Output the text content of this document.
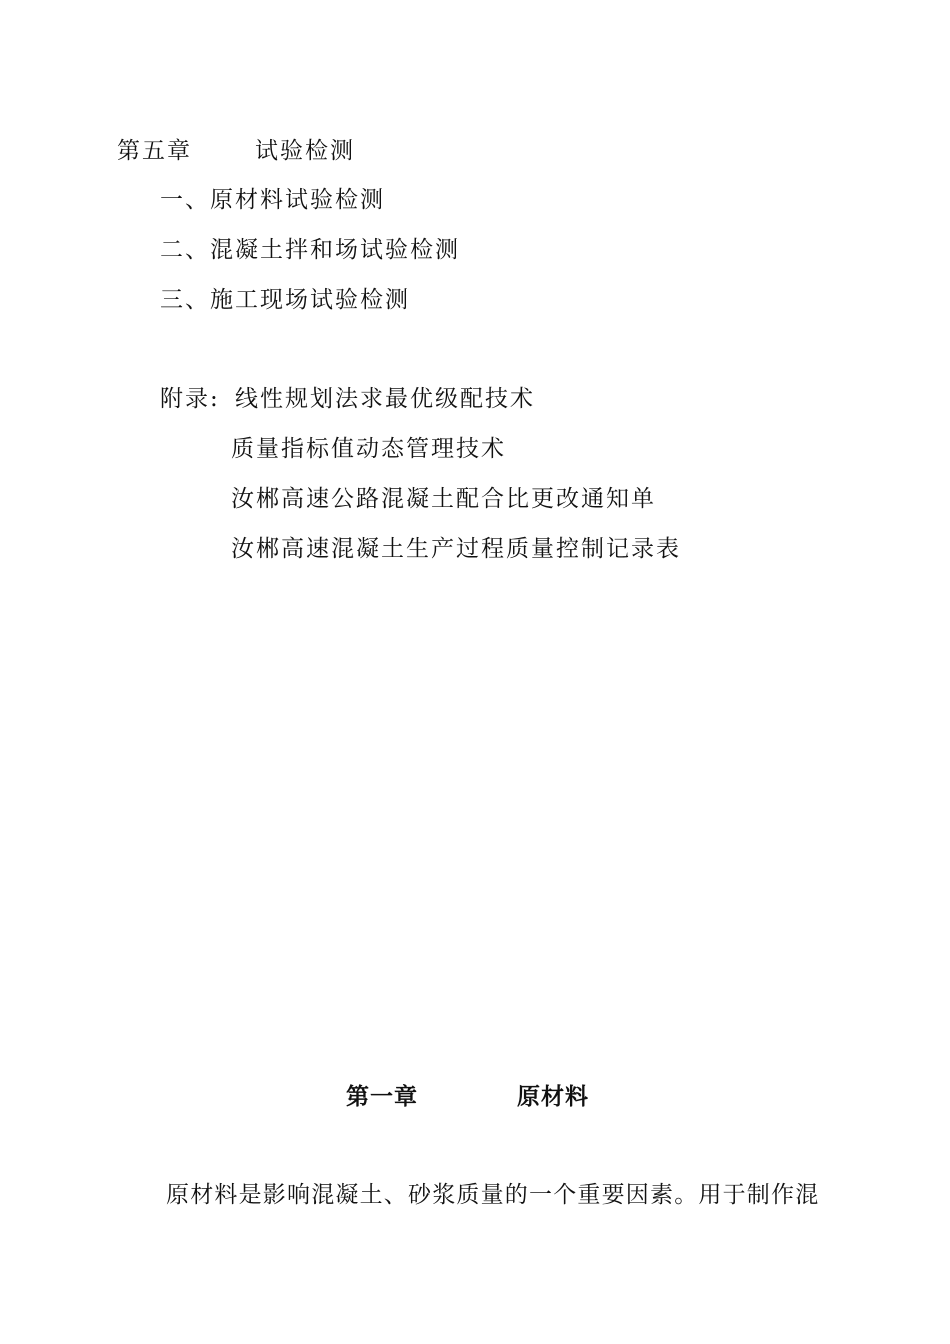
第五章	试验检测
一、原材料试验检测
二、混凝土拌和场试验检测
三、施工现场试验检测
附录: 线性规划法求最优级配技术
质量指标值动态管理技术
汝郴高速公路混凝土配合比更改通知单
汝郴高速混凝土生产过程质量控制记录表
第一章	原材料
原材料是影响混凝土、砂浆质量的一个重要因素。用于制作混
